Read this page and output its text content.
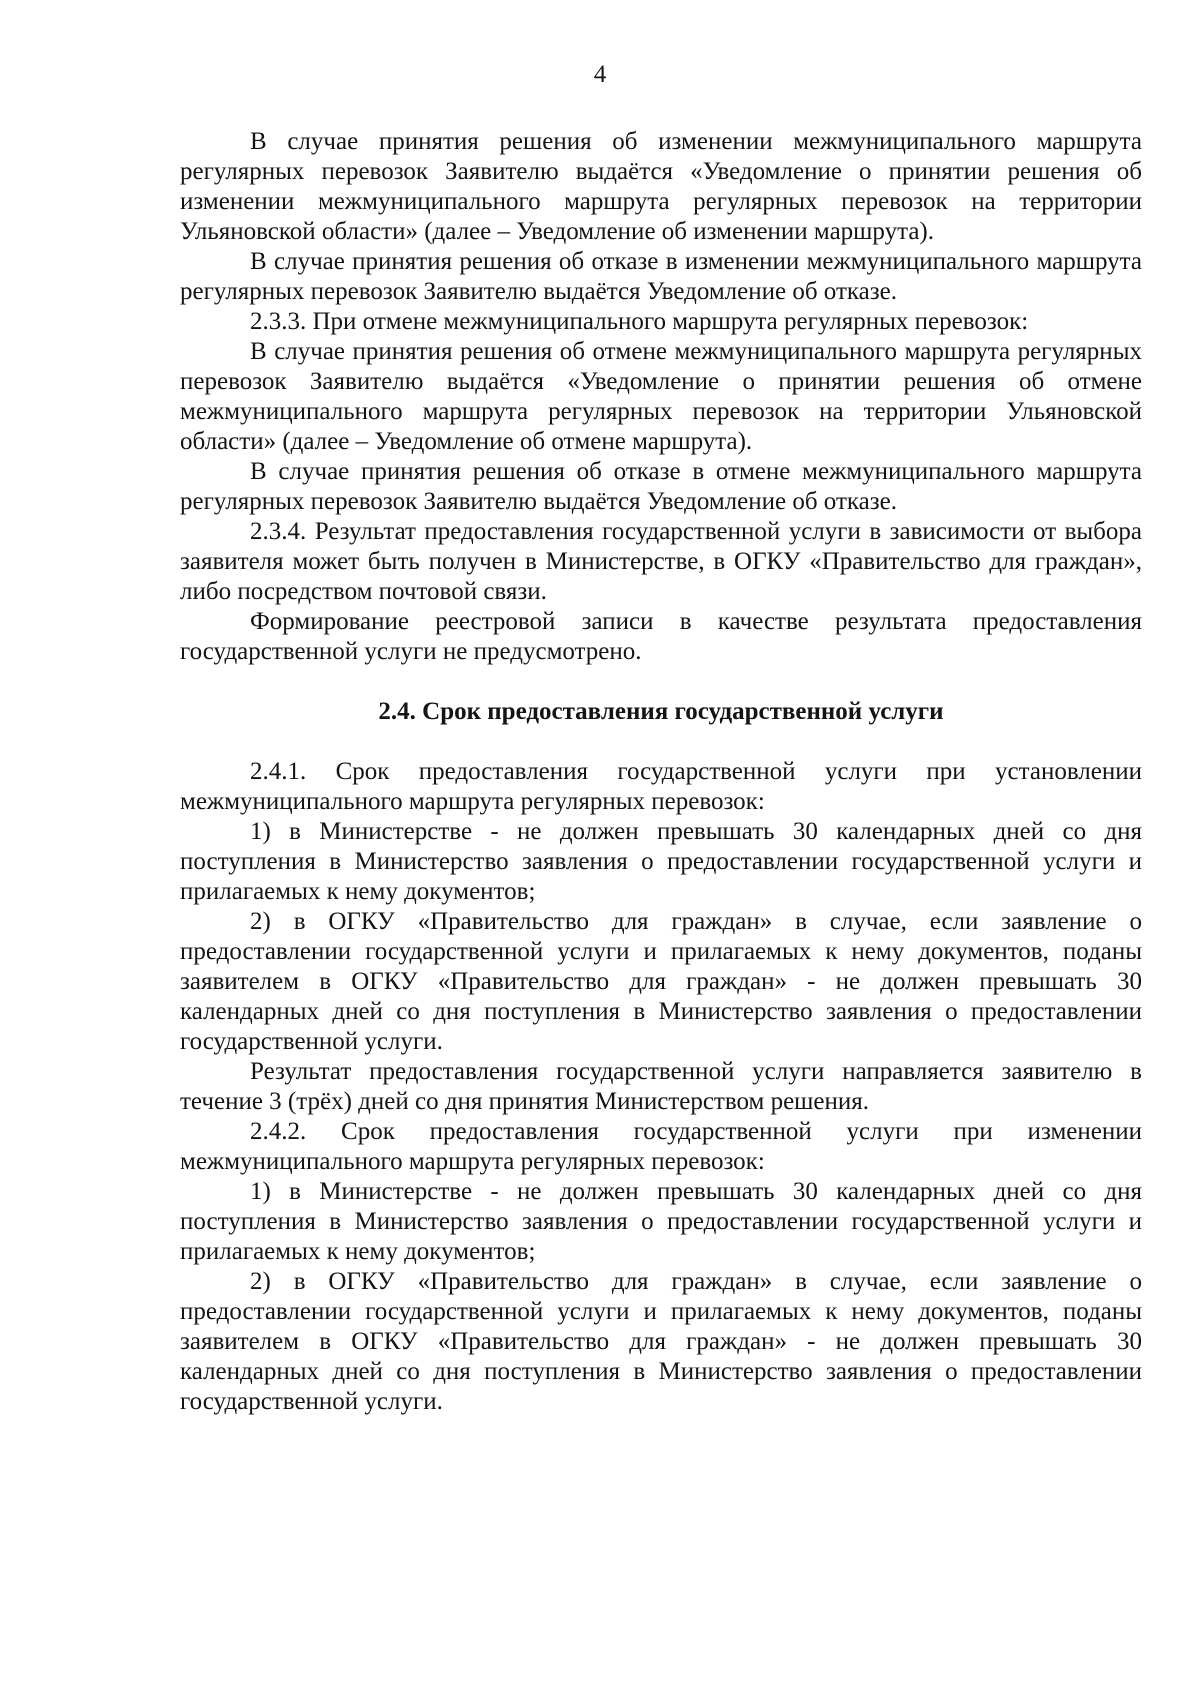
4

В случае принятия решения об изменении межмуниципального маршрута регулярных перевозок Заявителю выдаётся «Уведомление о принятии решения об изменении межмуниципального маршрута регулярных перевозок на территории Ульяновской области» (далее – Уведомление об изменении маршрута).

В случае принятия решения об отказе в изменении межмуниципального маршрута регулярных перевозок Заявителю выдаётся Уведомление об отказе.

2.3.3. При отмене межмуниципального маршрута регулярных перевозок:

В случае принятия решения об отмене межмуниципального маршрута регулярных перевозок Заявителю выдаётся «Уведомление о принятии решения об отмене межмуниципального маршрута регулярных перевозок на территории Ульяновской области» (далее – Уведомление об отмене маршрута).

В случае принятия решения об отказе в отмене межмуниципального маршрута регулярных перевозок Заявителю выдаётся Уведомление об отказе.

2.3.4. Результат предоставления государственной услуги в зависимости от выбора заявителя может быть получен в Министерстве, в ОГКУ «Правительство для граждан», либо посредством почтовой связи.

Формирование реестровой записи в качестве результата предоставления государственной услуги не предусмотрено.

2.4. Срок предоставления государственной услуги

2.4.1. Срок предоставления государственной услуги при установлении межмуниципального маршрута регулярных перевозок:

1) в Министерстве - не должен превышать 30 календарных дней со дня поступления в Министерство заявления о предоставлении государственной услуги и прилагаемых к нему документов;

2) в ОГКУ «Правительство для граждан» в случае, если заявление о предоставлении государственной услуги и прилагаемых к нему документов, поданы заявителем в ОГКУ «Правительство для граждан» - не должен превышать 30 календарных дней со дня поступления в Министерство заявления о предоставлении государственной услуги.

Результат предоставления государственной услуги направляется заявителю в течение 3 (трёх) дней со дня принятия Министерством решения.

2.4.2. Срок предоставления государственной услуги при изменении межмуниципального маршрута регулярных перевозок:

1) в Министерстве - не должен превышать 30 календарных дней со дня поступления в Министерство заявления о предоставлении государственной услуги и прилагаемых к нему документов;

2) в ОГКУ «Правительство для граждан» в случае, если заявление о предоставлении государственной услуги и прилагаемых к нему документов, поданы заявителем в ОГКУ «Правительство для граждан» - не должен превышать 30 календарных дней со дня поступления в Министерство заявления о предоставлении государственной услуги.
